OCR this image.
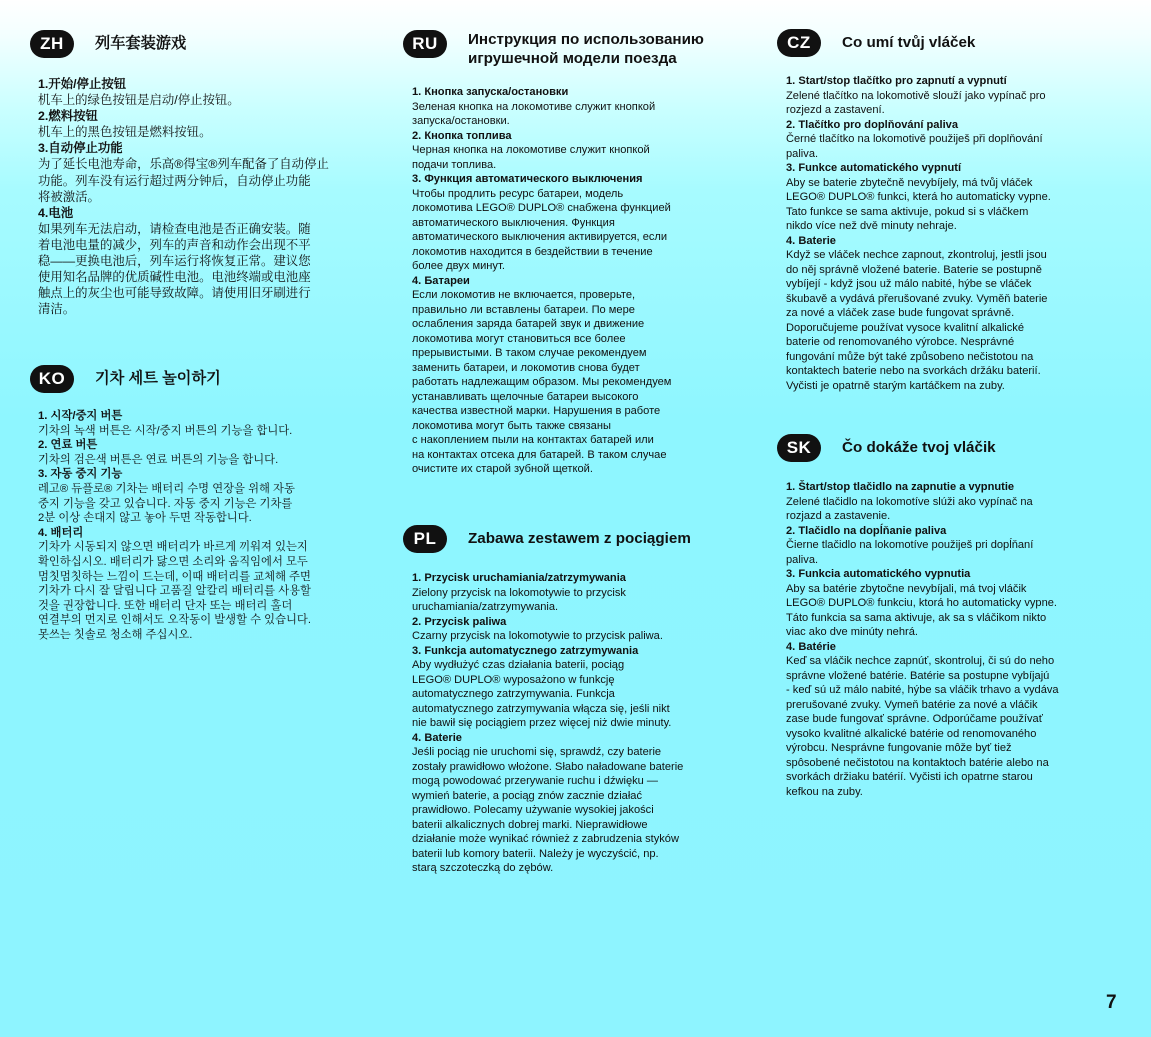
ZH	列车套装游戏
1.开始/停止按钮
机车上的绿色按钮是启动/停止按钮。
2.燃料按钮
机车上的黑色按钮是燃料按钮。
3.自动停止功能
为了延长电池寿命，乐高®得宝®列车配备了自动停止
功能。列车没有运行超过两分钟后，自动停止功能
将被激活。
4.电池
如果列车无法启动，请检查电池是否正确安装。随
着电池电量的减少，列车的声音和动作会出现不平
稳——更换电池后，列车运行将恢复正常。建议您
使用知名品牌的优质碱性电池。电池终端或电池座
触点上的灰尘也可能导致故障。请使用旧牙刷进行
清洁。
KO	기차 세트 놀이하기
1. 시작/중지 버튼
기차의 녹색 버튼은 시작/중지 버튼의 기능을 합니다.
2. 연료 버튼
기차의 검은색 버튼은 연료 버튼의 기능을 합니다.
3. 자동 중지 기능
레고® 듀플로® 기차는 배터리 수명 연장을 위해 자동
중지 기능을 갖고 있습니다. 자동 중지 기능은 기차를
2분 이상 손대지 않고 놓아 두면 작동합니다.
4. 배터리
기차가 시동되지 않으면 배터리가 바르게 끼워져 있는지
확인하십시오. 배터리가 닳으면 소리와 움직임에서 모두
멈칫멈칫하는 느낌이 드는데, 이때 배터리를 교체해 주면
기차가 다시 잘 달립니다 고품질 알칼리 배터리를 사용할
것을 권장합니다. 또한 배터리 단자 또는 배터리 홀더
연결부의 먼지로 인해서도 오작동이 발생할 수 있습니다.
못쓰는 칫솔로 청소해 주십시오.
RU	Инструкция по использованию
игрушечной модели поезда
1. Кнопка запуска/остановки
Зеленая кнопка на локомотиве служит кнопкой
запуска/остановки.
2. Кнопка топлива
Черная кнопка на локомотиве служит кнопкой
подачи топлива.
3. Функция автоматического выключения
Чтобы продлить ресурс батареи, модель
локомотива LEGO® DUPLO® снабжена функцией
автоматического выключения. Функция
автоматического выключения активируется, если
локомотив находится в бездействии в течение
более двух минут.
4. Батареи
Если локомотив не включается, проверьте,
правильно ли вставлены батареи. По мере
ослабления заряда батарей звук и движение
локомотива могут становиться все более
прерывистыми. В таком случае рекомендуем
заменить батареи, и локомотив снова будет
работать надлежащим образом. Мы рекомендуем
устанавливать щелочные батареи высокого
качества известной марки. Нарушения в работе
локомотива могут быть также связаны
с накоплением пыли на контактах батарей или
на контактах отсека для батарей. В таком случае
очистите их старой зубной щеткой.
PL	Zabawa zestawem z pociągiem
1. Przycisk uruchamiania/zatrzymywania
Zielony przycisk na lokomotywie to przycisk
uruchamiania/zatrzymywania.
2. Przycisk paliwa
Czarny przycisk na lokomotywie to przycisk paliwa.
3. Funkcja automatycznego zatrzymywania
Aby wydłużyć czas działania baterii, pociąg
LEGO® DUPLO® wyposażono w funkcję
automatycznego zatrzymywania. Funkcja
automatycznego zatrzymywania włącza się, jeśli nikt
nie bawił się pociągiem przez więcej niż dwie minuty.
4. Baterie
Jeśli pociąg nie uruchomi się, sprawdź, czy baterie
zostały prawidłowo włożone. Słabo naładowane baterie
mogą powodować przerywanie ruchu i dźwięku —
wymień baterie, a pociąg znów zacznie działać
prawidłowo. Polecamy używanie wysokiej jakości
baterii alkalicznych dobrej marki. Nieprawidłowe
działanie może wynikać również z zabrudzenia styków
baterii lub komory baterii. Należy je wyczyścić, np.
starą szczoteczką do zębów.
CZ	Co umí tvůj vláček
1. Start/stop tlačítko pro zapnutí a vypnutí
Zelené tlačítko na lokomotivě slouží jako vypínač pro
rozjezd a zastavení.
2. Tlačítko pro doplňování paliva
Černé tlačítko na lokomotivě použiješ při doplňování
paliva.
3. Funkce automatického vypnutí
Aby se baterie zbytečně nevybíjely, má tvůj vláček
LEGO® DUPLO® funkci, která ho automaticky vypne.
Tato funkce se sama aktivuje, pokud si s vláčkem
nikdo více než dvě minuty nehraje.
4. Baterie
Když se vláček nechce zapnout, zkontroluj, jestli jsou
do něj správně vložené baterie. Baterie se postupně
vybíjejí - když jsou už málo nabité, hýbe se vláček
škubavě a vydává přerušované zvuky. Vyměň baterie
za nové a vláček zase bude fungovat správně.
Doporučujeme používat vysoce kvalitní alkalické
baterie od renomovaného výrobce. Nesprávné
fungování může být také způsobeno nečistotou na
kontaktech baterie nebo na svorkách držáku baterií.
Vyčisti je opatrně starým kartáčkem na zuby.
SK	Čo dokáže tvoj vláčik
1. Štart/stop tlačidlo na zapnutie a vypnutie
Zelené tlačidlo na lokomotíve slúži ako vypínač na
rozjazd a zastavenie.
2. Tlačidlo na dopĺňanie paliva
Čierne tlačidlo na lokomotíve použiješ pri dopĺňaní
paliva.
3. Funkcia automatického vypnutia
Aby sa batérie zbytočne nevybíjali, má tvoj vláčik
LEGO® DUPLO® funkciu, ktorá ho automaticky vypne.
Táto funkcia sa sama aktivuje, ak sa s vláčikom nikto
viac ako dve minúty nehrá.
4. Batérie
Keď sa vláčik nechce zapnúť, skontroluj, či sú do neho
správne vložené batérie. Batérie sa postupne vybíjajú
- keď sú už málo nabité, hýbe sa vláčik trhavo a vydáva
prerušované zvuky. Vymeň batérie za nové a vláčik
zase bude fungovať správne. Odporúčame používať
vysoko kvalitné alkalické batérie od renomovaného
výrobcu. Nesprávne fungovanie môže byť tiež
spôsobené nečistotou na kontaktoch batérie alebo na
svorkách držiaku batérií. Vyčisti ich opatrne starou
kefkou na zuby.
7
